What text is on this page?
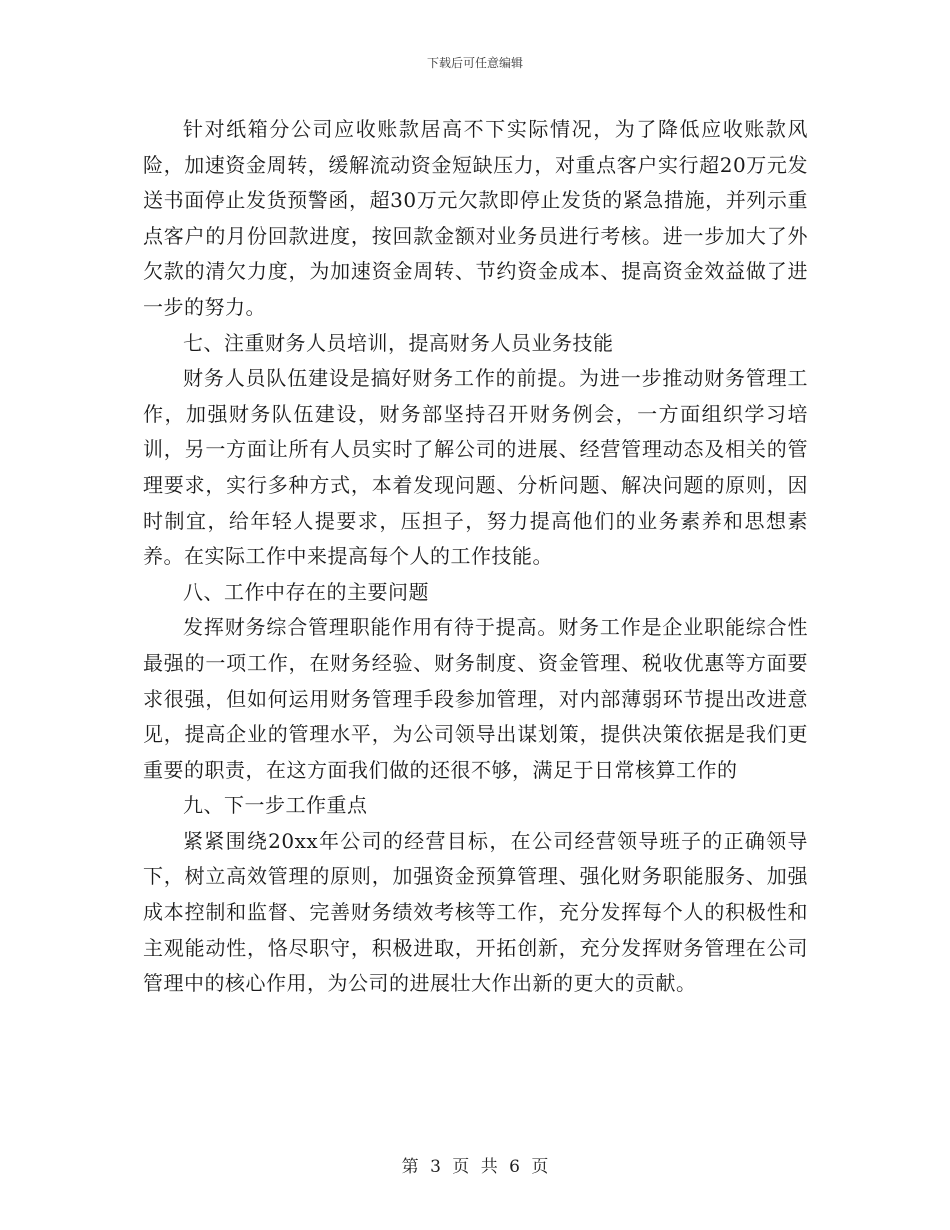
下载后可任意编辑

针对纸箱分公司应收账款居高不下实际情况，为了降低应收账款风险，加速资金周转，缓解流动资金短缺压力，对重点客户实行超20万元发送书面停止发货预警函，超30万元欠款即停止发货的紧急措施，并列示重点客户的月份回款进度，按回款金额对业务员进行考核。进一步加大了外欠款的清欠力度，为加速资金周转、节约资金成本、提高资金效益做了进一步的努力。

七、注重财务人员培训，提高财务人员业务技能

财务人员队伍建设是搞好财务工作的前提。为进一步推动财务管理工作，加强财务队伍建设，财务部坚持召开财务例会，一方面组织学习培训，另一方面让所有人员实时了解公司的进展、经营管理动态及相关的管理要求，实行多种方式，本着发现问题、分析问题、解决问题的原则，因时制宜，给年轻人提要求，压担子，努力提高他们的业务素养和思想素养。在实际工作中来提高每个人的工作技能。

八、工作中存在的主要问题

发挥财务综合管理职能作用有待于提高。财务工作是企业职能综合性最强的一项工作，在财务经验、财务制度、资金管理、税收优惠等方面要求很强，但如何运用财务管理手段参加管理，对内部薄弱环节提出改进意见，提高企业的管理水平，为公司领导出谋划策，提供决策依据是我们更重要的职责，在这方面我们做的还很不够，满足于日常核算工作的

九、下一步工作重点

紧紧围绕20xx年公司的经营目标，在公司经营领导班子的正确领导下，树立高效管理的原则，加强资金预算管理、强化财务职能服务、加强成本控制和监督、完善财务绩效考核等工作，充分发挥每个人的积极性和主观能动性，恪尽职守，积极进取，开拓创新，充分发挥财务管理在公司管理中的核心作用，为公司的进展壮大作出新的更大的贡献。

第 3 页 共 6 页
